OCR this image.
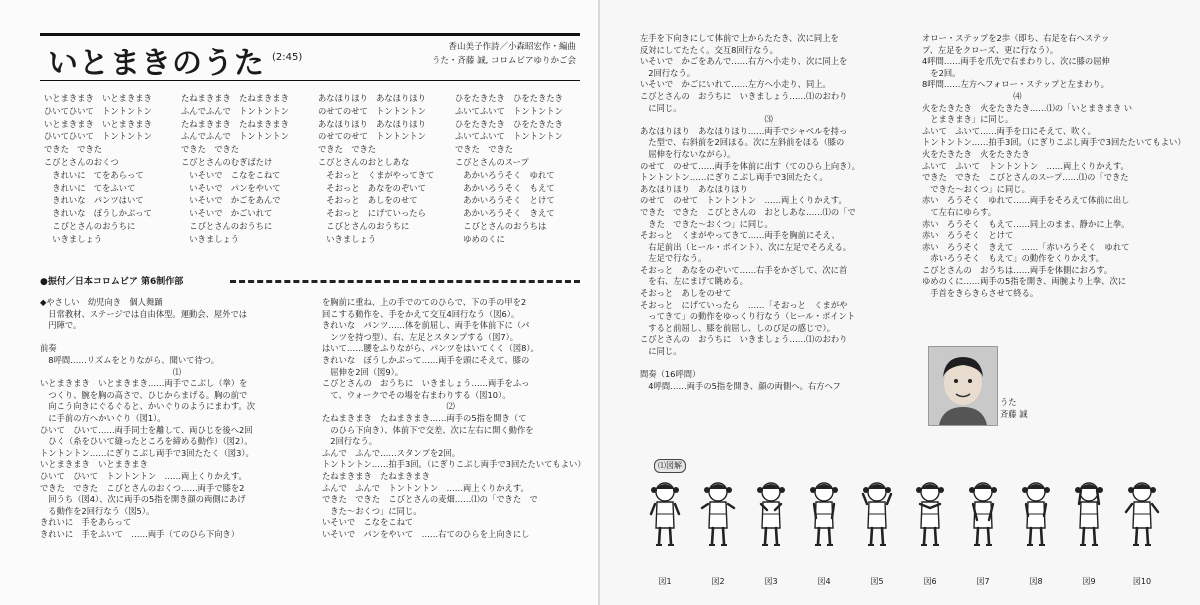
いとまきのうた (2:45)
香山美子作詩／小森昭宏作・編曲
うた・斉藤 誠, コロムビアゆりかご会
いとまきまき　いとまきまき
ひいてひいて　トントントン
いとまきまき　いとまきまき
ひいてひいて　トントントン
できた　できた
こびとさんのおくつ
　きれいに　てをあらって
　きれいに　てをふいて
　きれいな　パンツはいて
　きれいな　ぼうしかぶって
　こびとさんのおうちに
　いきましょう
たねまきまき　たねまきまき
ふんでふんで　トントントン
たねまきまき　たねまきまき
ふんでふんで　トントントン
できた　できた
こびとさんのむぎばたけ
　いそいで　こなをこねて
　いそいで　パンをやいて
　いそいで　かごをあんで
　いそいで　かごいれて
　こびとさんのおうちに
　いきましょう
あなほりほり　あなほりほり
のせてのせて　トントントン
あなほりほり　あなほりほり
のせてのせて　トントントン
できた　できた
こびとさんのおとしあな
　そおっと　くまがやってきて
　そおっと　あなをのぞいて
　そおっと　あしをのせて
　そおっと　にげていったら
　こびとさんのおうちに
　いきましょう
ひをたきたき　ひをたきたき
ふいてふいて　トントントン
ひをたきたき　ひをたきたき
ふいてふいて　トントントン
できた　できた
こびとさんのスープ
　あかいろうそく　ゆれて
　あかいろうそく　もえて
　あかいろうそく　とけて
　あかいろうそく　きえて
　こびとさんのおうちは
　ゆめのくに
●振付／日本コロムビア 第6制作部
◆やさしい　幼児向き　個人舞踊
　日常教材、ステージでは自由体型。運動会、屋外では
　円陣で。
前奏
　8呼間……リズムをとりながら、聞いて待つ。
　　　　　　　　　　　　　　　　⑴
いとまきまき　いとまきまき……両手でこぶし（拳）を
　つくり、腕を胸の高さで、ひじからまげる。胸の前で
　向こう向きにぐるぐると、かいぐりのようにまわす。次
　に手前の方へかいぐり（図1）。
ひいて　ひいて……両手同士を離して、両ひじを後へ2回
　ひく（糸をひいて縫ったところを締める動作）（図2）。
トントントン……にぎりこぶし両手で3回たたく（図3）。
いとまきまき　いとまきまき
ひいて　ひいて　トントントン　……両上くりかえす。
できた　できた　こびとさんのおくつ……両手で膝を2
　回うち（図4）、次に両手の5指を開き顔の両側にあげ
　る動作を2回行なう（図5）。
きれいに　手をあらって
きれいに　手をふいて　……両手（てのひら下向き）
を胸前に重ね、上の手でのてのひらで、下の手の甲を2
回こする動作を、手をかえて交互4回行なう（図6）。
きれいな　パンツ……体を前屈し、両手を体前下に（パ
　ンツを持つ型）、右、左足とスタンプする（図7）。
はいて……腰をふりながら、パンツをはいてくく（図8）。
きれいな　ぼうしかぶって……両手を頭にそえて、膝の
　屈伸を2回（図9）。
こびとさんの　おうちに　いきましょう……両手をふっ
　て、ウォークでその場を右まわりする（図10）。
　　　　　　　　　　　　　　　⑵
たねまきまき　たねまきまき……両手の5指を開き（て
　のひら下向き）、体前下で交差、次に左右に開く動作を
　2回行なう。
ふんで　ふんで……スタンプを2回。
トントントン……拍手3回。（にぎりこぶし両手で3回たたいてもよい）
たねまきまき　たねまきまき
ふんで　ふんで　トントントン　……両上くりかえす。
できた　できた　こびとさんの麦畑……⑴の「できた　で
　きた〜おくつ」に同じ。
いそいで　こなをこねて
いそいで　パンをやいて　……右てのひらを上向きにし
左手を下向きにして体前で上からたたき、次に同上を
反対にしてたたく。交互8回行なう。
いそいで　かごをあんで……右方へ小走り、次に同上を
　2回行なう。
いそいで　かごにいれて……左方へ小走り、同上。
こびとさんの　おうちに　いきましょう……⑴のおわり
　に同じ。
　　　　　　　　　　　　　　　⑶
あなほりほり　あなほりほり……両手でシャベルを持っ
　た型で、右斜前を2回ほる。次に左斜前をほる（膝の
　屈伸を行ないながら）。
のせて　のせて……両手を体前に出す（てのひら上向き）。
トントントン……にぎりこぶし両手で3回たたく。
あなほりほり　あなほりほり
のせて　のせて　トントントン　……両上くりかえす。
できた　できた　こびとさんの　おとしあな……⑴の「で
　きた　できた〜おくつ」に同じ。
そおっと　くまがやってきて……両手を胸前にそえ、
　右足前出（ヒール・ポイント）、次に左足でそろえる。
　左足で行なう。
そおっと　あなをのぞいて……右手をかざして、次に首
　を右、左にまげて眺める。
そおっと　あしをのせて
そおっと　にげていったら　……「そおっと　くまがや
　ってきて」の動作をゆっくり行なう（ヒール・ポイント
　すると前屈し、膝を前屈し、しのび足の感じで）。
こびとさんの　おうちに　いきましょう……⑴のおわり
　に同じ。
間奏（16呼間）
　4呼間……両手の5指を開き、顔の両側へ。右方へフ
オロー・ステップを2歩（即ち、右足を右へステッ
プ、左足をクローズ、更に行なう）。
4呼間……両手を爪先で右まわりし、次に膝の屈伸
　を2回。
8呼間……左方へフォロー・ステップと左まわり。
　　　　　　　　　　　⑷
火をたきたき　火をたきたき……⑴の「いとまきまき い
　とまきまき」に同じ。
ふいて　ふいて……両手を口にそえて、吹く。
トントントン……拍手3回。（にぎりこぶし両手で3回たたいてもよい）
火をたきたき　火をたきたき
ふいて　ふいて　トントントン　……両上くりかえす。
できた　できた　こびとさんのスープ……⑴の「できた
　できた〜おくつ」に同じ。
赤い　ろうそく　ゆれて……両手をそろえて体前に出し
　て左右にゆらす。
赤い　ろうそく　もえて……同上のまま、静かに上拳。
赤い　ろうそく　とけて
赤い　ろうそく　きえて　……「赤いろうそく　ゆれて
　赤いろうそく　もえて」の動作をくりかえす。
こびとさんの　おうちは……両手を体側におろす。
ゆめのくに……両手の5指を開き、両腕より上拳、次に
　手首をきらきらさせて終る。
うた
斉藤 誠
⑴図解
図1	図2	図3	図4	図5	図6	図7	図8	図9	図10
